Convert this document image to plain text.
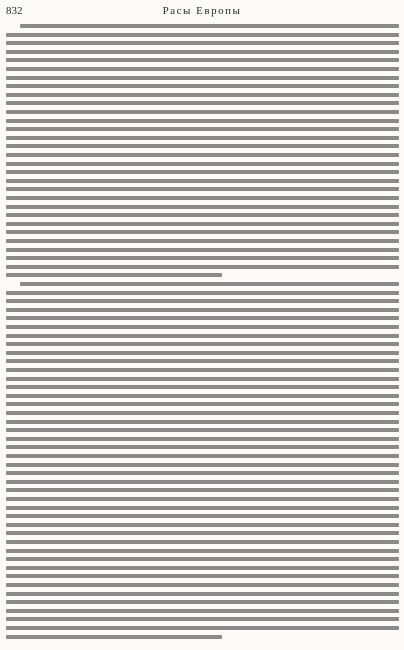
832	Расы Европы
